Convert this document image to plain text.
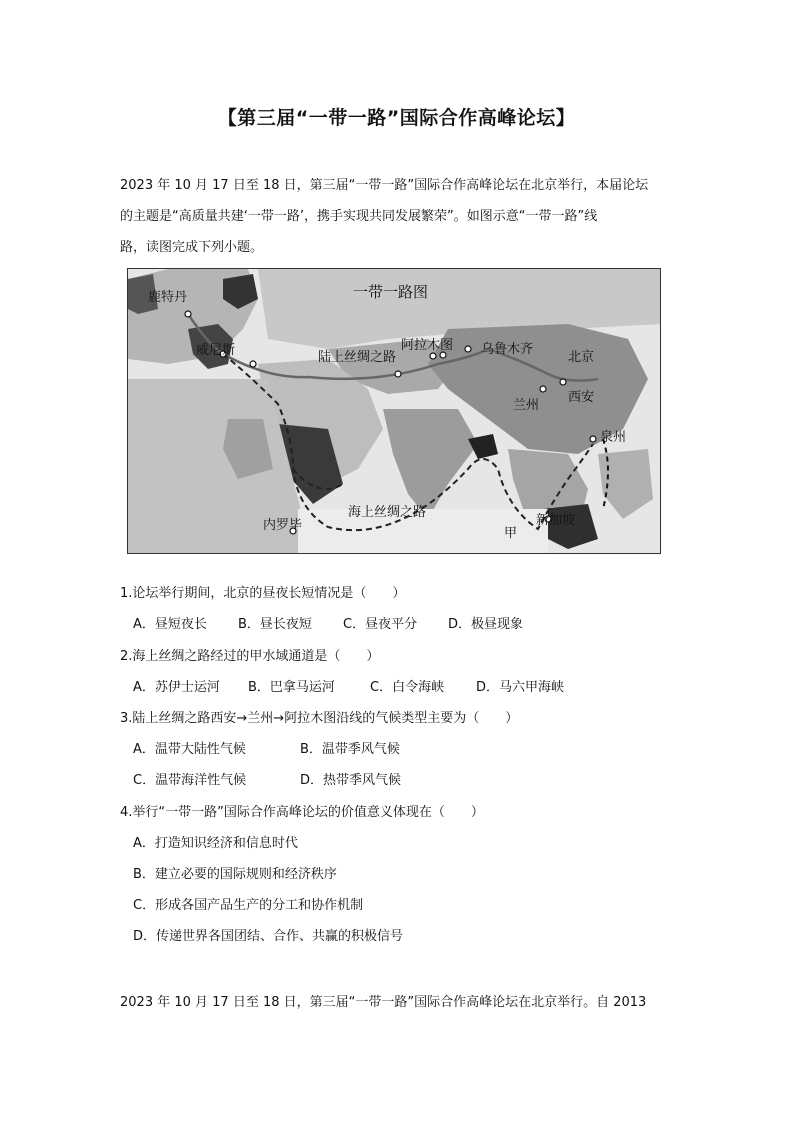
【第三届“一带一路”国际合作高峰论坛】
2023 年 10 月 17 日至 18 日，第三届“一带一路”国际合作高峰论坛在北京举行，本届论坛
的主题是“高质量共建‘一带一路’，携手实现共同发展繁荣”。如图示意“一带一路”线
路，读图完成下列小题。
一带一路图
鹿特丹
威尼斯	陆上丝绸之路
阿拉木图 乌鲁木齐
北京
西安
兰州
泉州
海上丝绸之路
内罗毕	新加坡
甲
1.论坛举行期间，北京的昼夜长短情况是（　　）
A．昼短夜长 B．昼长夜短 C．昼夜平分 D．极昼现象
2.海上丝绸之路经过的甲水域通道是（　　）
A．苏伊士运河 B．巴拿马运河	C．白令海峡 D．马六甲海峡
3.陆上丝绸之路西安→兰州→阿拉木图沿线的气候类型主要为（　　）
A．温带大陆性气候	B．温带季风气候
C．温带海洋性气候	D．热带季风气候
4.举行“一带一路”国际合作高峰论坛的价值意义体现在（　　）
A．打造知识经济和信息时代
B．建立必要的国际规则和经济秩序
C．形成各国产品生产的分工和协作机制
D．传递世界各国团结、合作、共赢的积极信号
2023 年 10 月 17 日至 18 日，第三届“一带一路”国际合作高峰论坛在北京举行。自 2013
